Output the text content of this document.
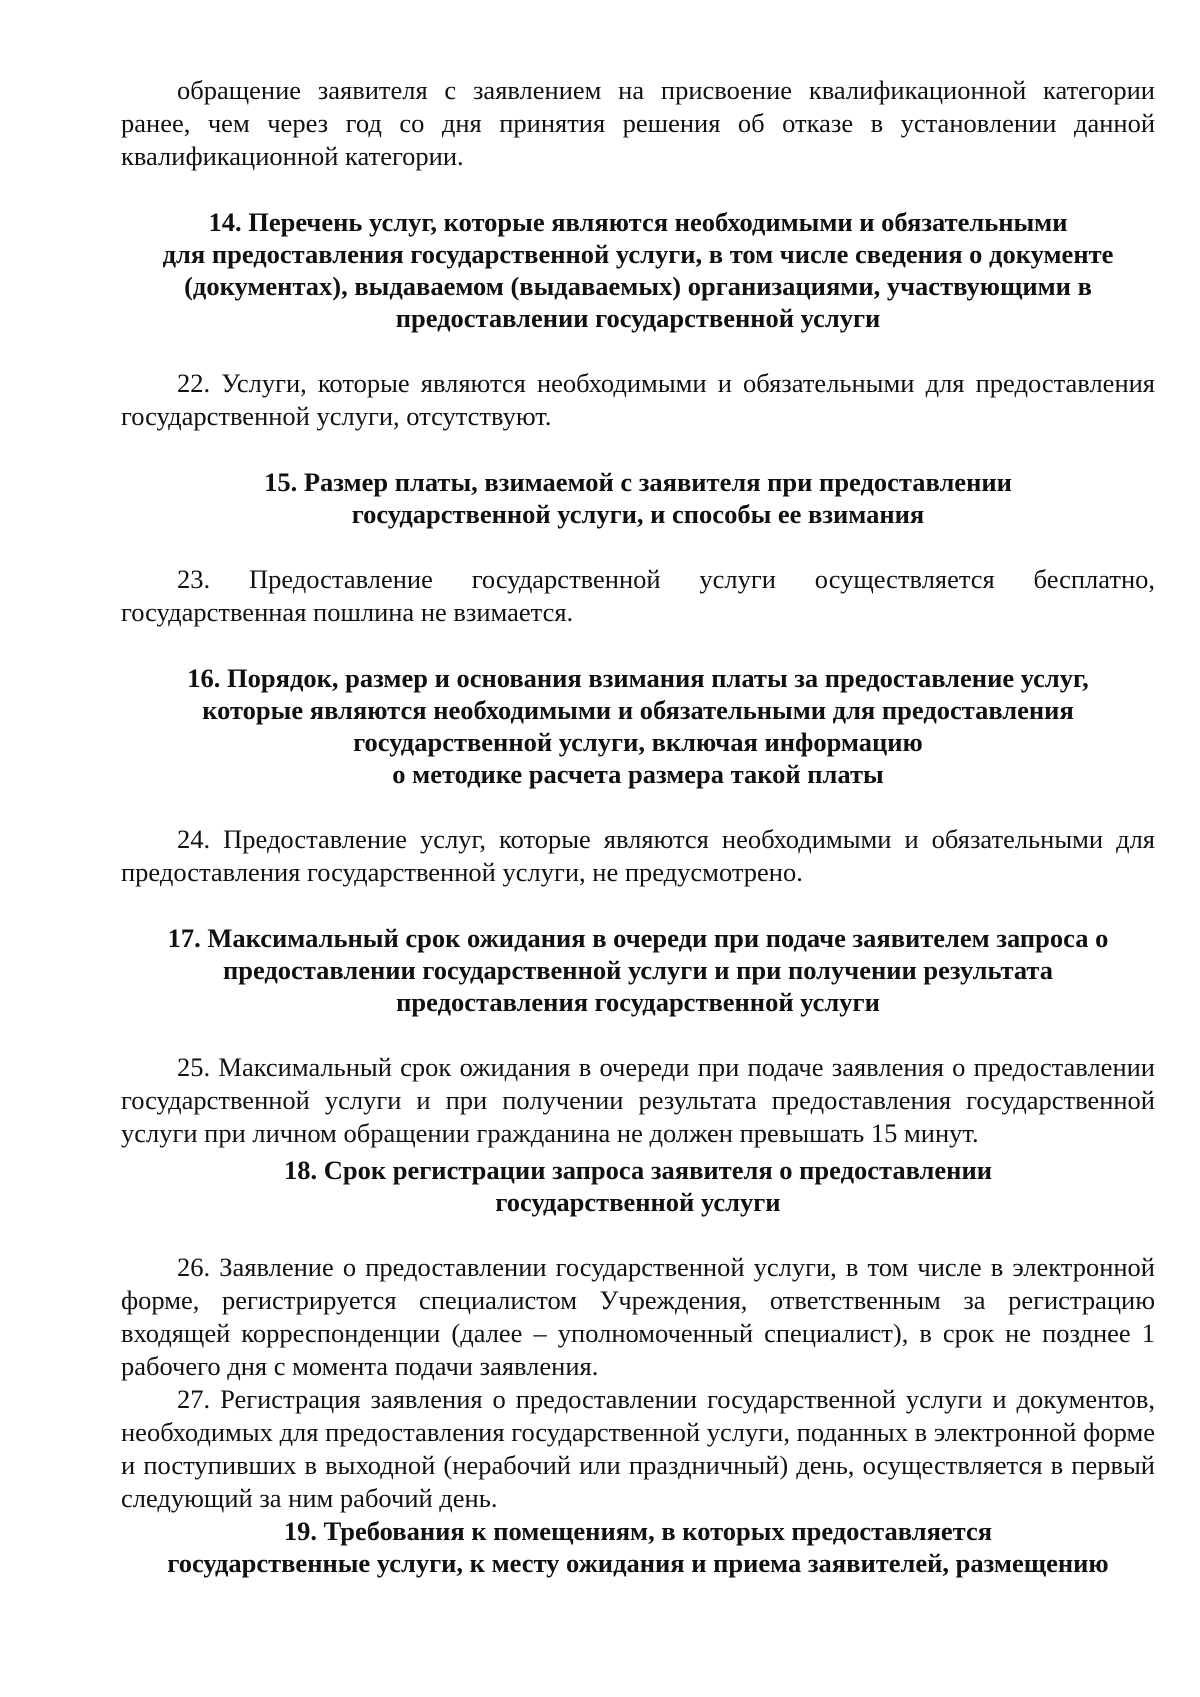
обращение заявителя с заявлением на присвоение квалификационной категории ранее, чем через год со дня принятия решения об отказе в установлении данной квалификационной категории.

14. Перечень услуг, которые являются необходимыми и обязательными
для предоставления государственной услуги, в том числе сведения о документе
(документах), выдаваемом (выдаваемых) организациями, участвующими в
предоставлении государственной услуги

22. Услуги, которые являются необходимыми и обязательными для предоставления государственной услуги, отсутствуют.

15. Размер платы, взимаемой с заявителя при предоставлении
государственной услуги, и способы ее взимания

23. Предоставление государственной услуги осуществляется бесплатно, государственная пошлина не взимается.

16. Порядок, размер и основания взимания платы за предоставление услуг,
которые являются необходимыми и обязательными для предоставления
государственной услуги, включая информацию
о методике расчета размера такой платы

24. Предоставление услуг, которые являются необходимыми и обязательными для предоставления государственной услуги, не предусмотрено.

17. Максимальный срок ожидания в очереди при подаче заявителем запроса о
предоставлении государственной услуги и при получении результата
предоставления государственной услуги

25. Максимальный срок ожидания в очереди при подаче заявления о предоставлении государственной услуги и при получении результата предоставления государственной услуги при личном обращении гражданина не должен превышать 15 минут.

18. Срок регистрации запроса заявителя о предоставлении
государственной услуги

26. Заявление о предоставлении государственной услуги, в том числе в электронной форме, регистрируется специалистом Учреждения, ответственным за регистрацию входящей корреспонденции (далее – уполномоченный специалист), в срок не позднее 1 рабочего дня с момента подачи заявления.

27. Регистрация заявления о предоставлении государственной услуги и документов, необходимых для предоставления государственной услуги, поданных в электронной форме и поступивших в выходной (нерабочий или праздничный) день, осуществляется в первый следующий за ним рабочий день.

19. Требования к помещениям, в которых предоставляется
государственные услуги, к месту ожидания и приема заявителей, размещению
